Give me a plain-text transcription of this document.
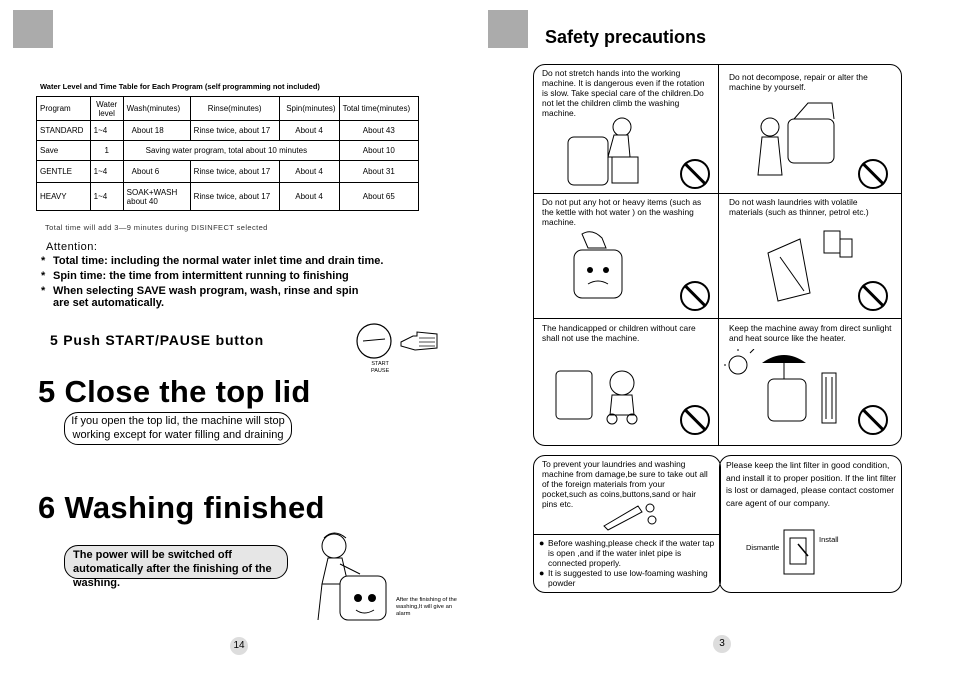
Water Level and Time Table for Each Program (self programming not included)
Program	Water level	Wash(minutes)	Rinse(minutes)	Spin(minutes)	Total time(minutes)
STANDARD	1~4	About 18	Rinse twice, about 17	About 4	About 43
Save	1	Saving water program, total about 10 minutes			About 10
GENTLE	1~4	About 6	Rinse twice, about 17	About 4	About 31
HEAVY	1~4	SOAK+WASH about 40	Rinse twice, about 17	About 4	About 65
Total time will add 3—9 minutes during DISINFECT selected
Attention:
* Total time: including the normal water inlet time and drain time.
* Spin time: the time from intermittent running to finishing
* When selecting SAVE wash program, wash, rinse and spin are set automatically.
5 Push START/PAUSE button
START
PAUSE
5 Close the top lid
If you open the top lid, the machine will stop working except for water filling and draining
6 Washing finished
The power will be switched off automatically after the finishing of the washing.
After the finishing of the washing,It will give an alarm
14
Safety precautions
Do not stretch hands into the working machine. It is dangerous even if the rotation is slow. Take special care of the children.Do not let the children climb the washing machine.
Do not decompose, repair or alter the machine by yourself.
Do not put any hot or heavy items (such as the kettle with hot water ) on the washing machine.
Do not wash laundries with volatile materials (such as thinner, petrol etc.)
The handicapped or children without care shall not use the machine.
Keep the machine away from direct sunlight and heat source like the heater.
To prevent your laundries and washing machine from damage,be sure to take out all of the foreign materials from your pocket,such as coins,buttons,sand or hair pins etc.
● Before washing,please check if the water tap is open ,and if the water inlet pipe is connected properly.
● It is suggested to use low-foaming washing powder
Please keep the lint filter in good condition, and install it to proper position. If the lint filter is lost or damaged, please contact costomer care agent of our company.
Dismantle
Install
3
